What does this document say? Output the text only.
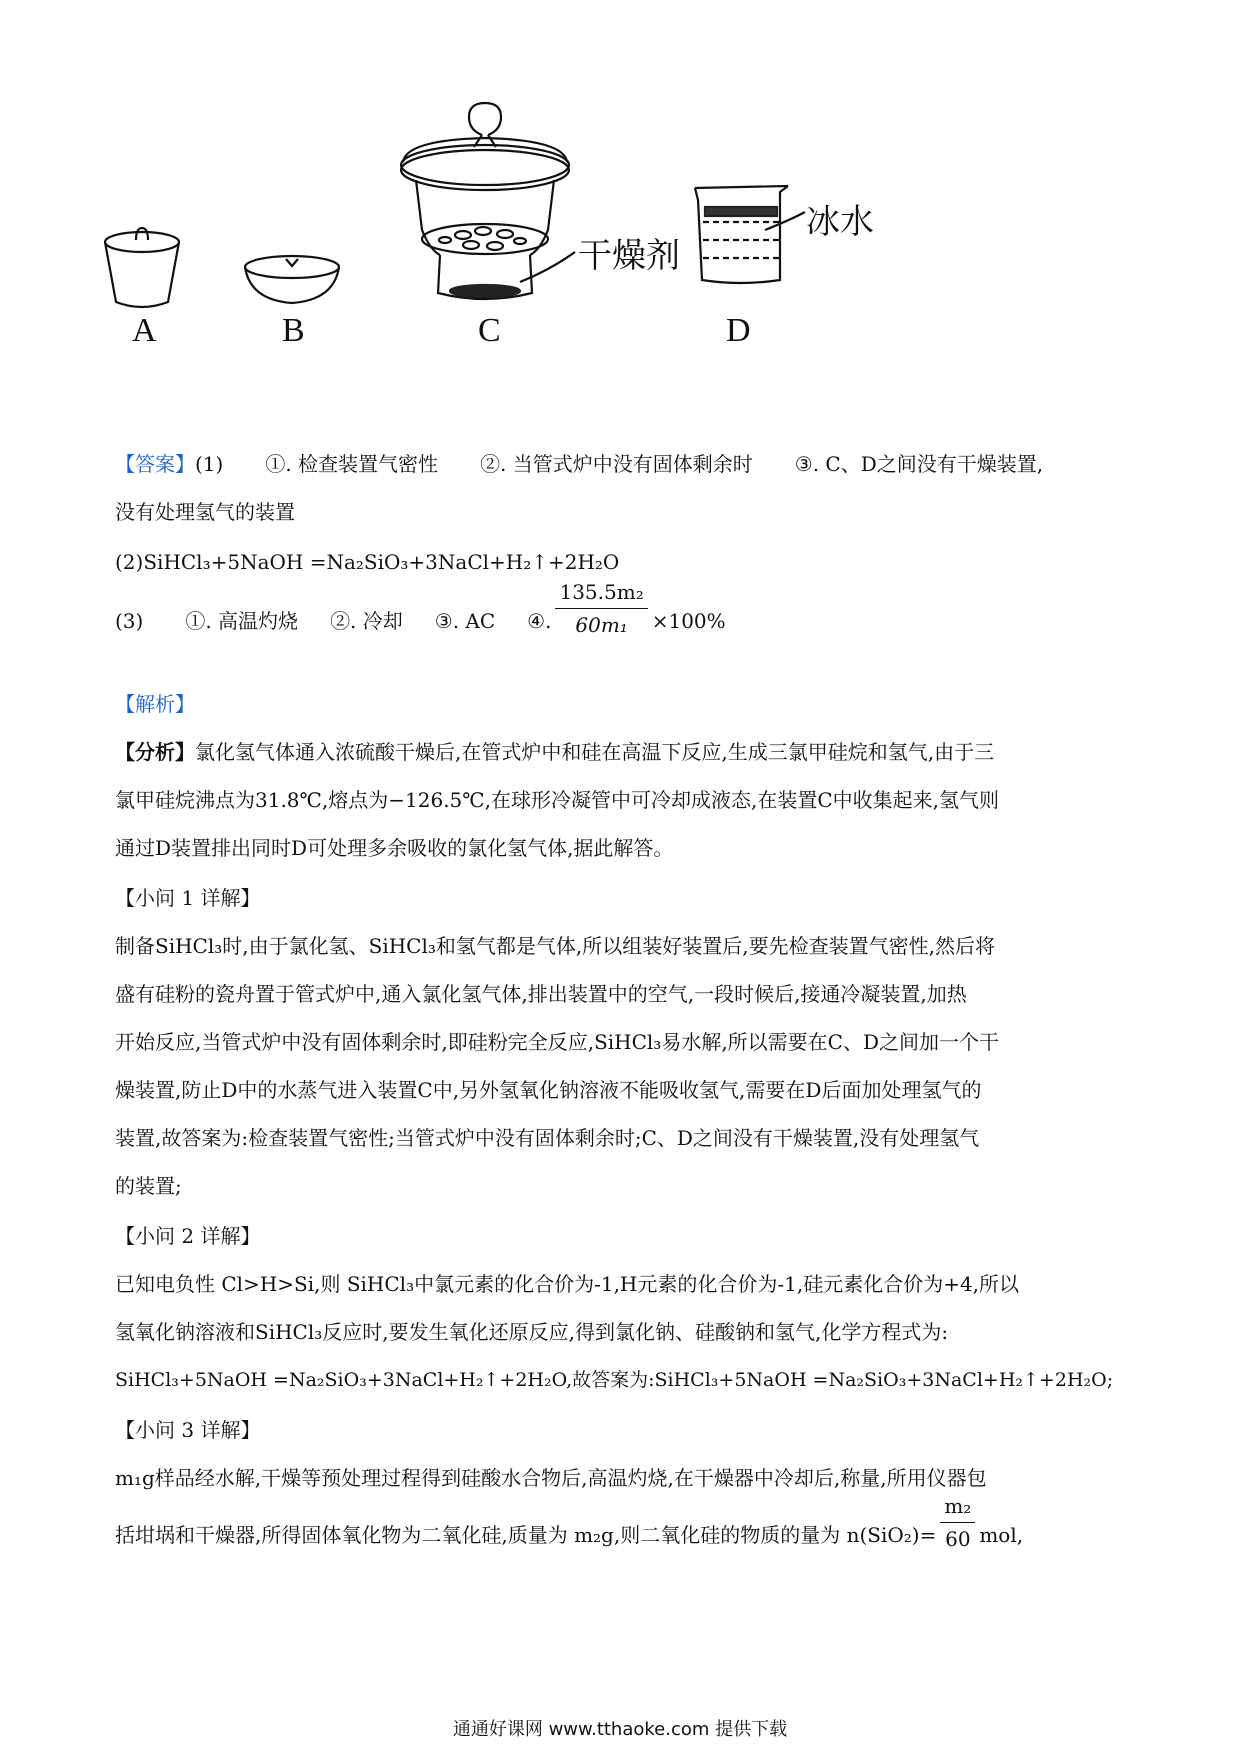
A	B	C	D
干燥剂
冰水
【答案】(1) ①. 检查装置气密性 ②. 当管式炉中没有固体剩余时 ③. C、D之间没有干燥装置,
没有处理氢气的装置
(2)SiHCl₃+5NaOH =Na₂SiO₃+3NaCl+H₂↑+2H₂O
(3) ①. 高温灼烧 ②. 冷却 ③. AC ④. $\frac{\text{135.5m₂}}{\text{60m₁}} \times 100\%$
【解析】
【分析】氯化氢气体通入浓硫酸干燥后,在管式炉中和硅在高温下反应,生成三氯甲硅烷和氢气,由于三
氯甲硅烷沸点为31.8℃,熔点为−126.5℃,在球形冷凝管中可冷却成液态,在装置C中收集起来,氢气则
通过D装置排出同时D可处理多余吸收的氯化氢气体,据此解答。
【小问 1 详解】
制备SiHCl₃时,由于氯化氢、SiHCl₃和氢气都是气体,所以组装好装置后,要先检查装置气密性,然后将
盛有硅粉的瓷舟置于管式炉中,通入氯化氢气体,排出装置中的空气,一段时候后,接通冷凝装置,加热
开始反应,当管式炉中没有固体剩余时,即硅粉完全反应,SiHCl₃易水解,所以需要在C、D之间加一个干
燥装置,防止D中的水蒸气进入装置C中,另外氢氧化钠溶液不能吸收氢气,需要在D后面加处理氢气的
装置,故答案为:检查装置气密性;当管式炉中没有固体剩余时;C、D之间没有干燥装置,没有处理氢气
的装置;
【小问 2 详解】
已知电负性 Cl>H>Si,则 SiHCl₃中氯元素的化合价为-1,H元素的化合价为-1,硅元素化合价为+4,所以
氢氧化钠溶液和SiHCl₃反应时,要发生氧化还原反应,得到氯化钠、硅酸钠和氢气,化学方程式为:
SiHCl₃+5NaOH =Na₂SiO₃+3NaCl+H₂↑+2H₂O,故答案为:SiHCl₃+5NaOH =Na₂SiO₃+3NaCl+H₂↑+2H₂O;
【小问 3 详解】
m₁g样品经水解,干燥等预处理过程得到硅酸水合物后,高温灼烧,在干燥器中冷却后,称量,所用仪器包
括坩埚和干燥器,所得固体氧化物为二氧化硅,质量为 m₂g,则二氧化硅的物质的量为 $n(SiO_2)= \frac{\text{m₂}}{60}$ mol,
通通好课网 www.tthaoke.com 提供下载
